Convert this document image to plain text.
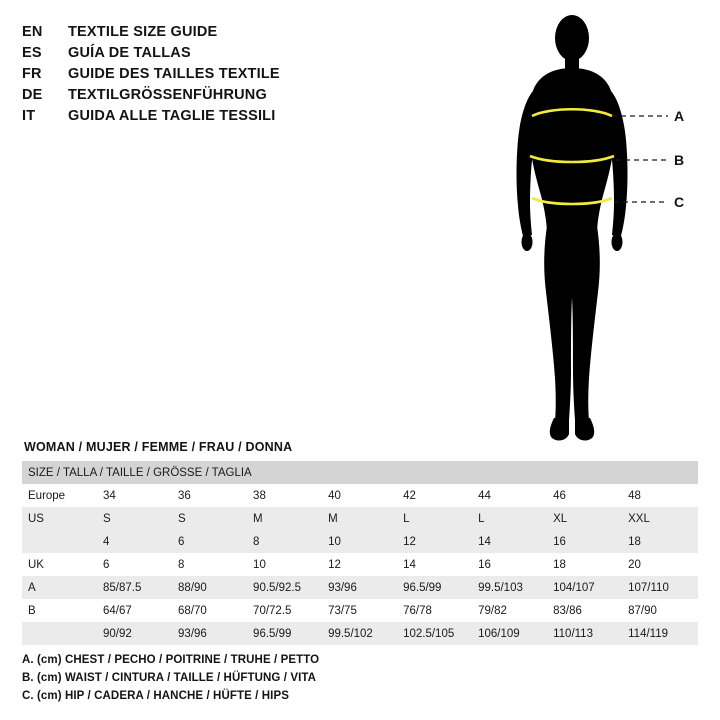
EN	TEXTILE SIZE GUIDE
ES	GUÍA DE TALLAS
FR	GUIDE DES TAILLES TEXTILE
DE	TEXTILGRÖSSENFÜHRUNG
IT	GUIDA ALLE TAGLIE TESSILI	A
B
C
WOMAN / MUJER / FEMME / FRAU / DONNA
SIZE / TALLA / TAILLE / GRÖSSE / TAGLIA								
Europe	34	36	38	40	42	44	46	48
US	S	S	M	M	L	L	XL	XXL
	4	6	8	10	12	14	16	18
UK	6	8	10	12	14	16	18	20
A	85/87.5	88/90	90.5/92.5	93/96	96.5/99	99.5/103	104/107	107/110
B	64/67	68/70	70/72.5	73/75	76/78	79/82	83/86	87/90
	90/92	93/96	96.5/99	99.5/102	102.5/105	106/109	110/113	114/119
A. (cm) CHEST / PECHO / POITRINE / TRUHE / PETTO
B. (cm) WAIST / CINTURA / TAILLE / HÜFTUNG / VITA
C. (cm) HIP / CADERA / HANCHE / HÜFTE / HIPS
